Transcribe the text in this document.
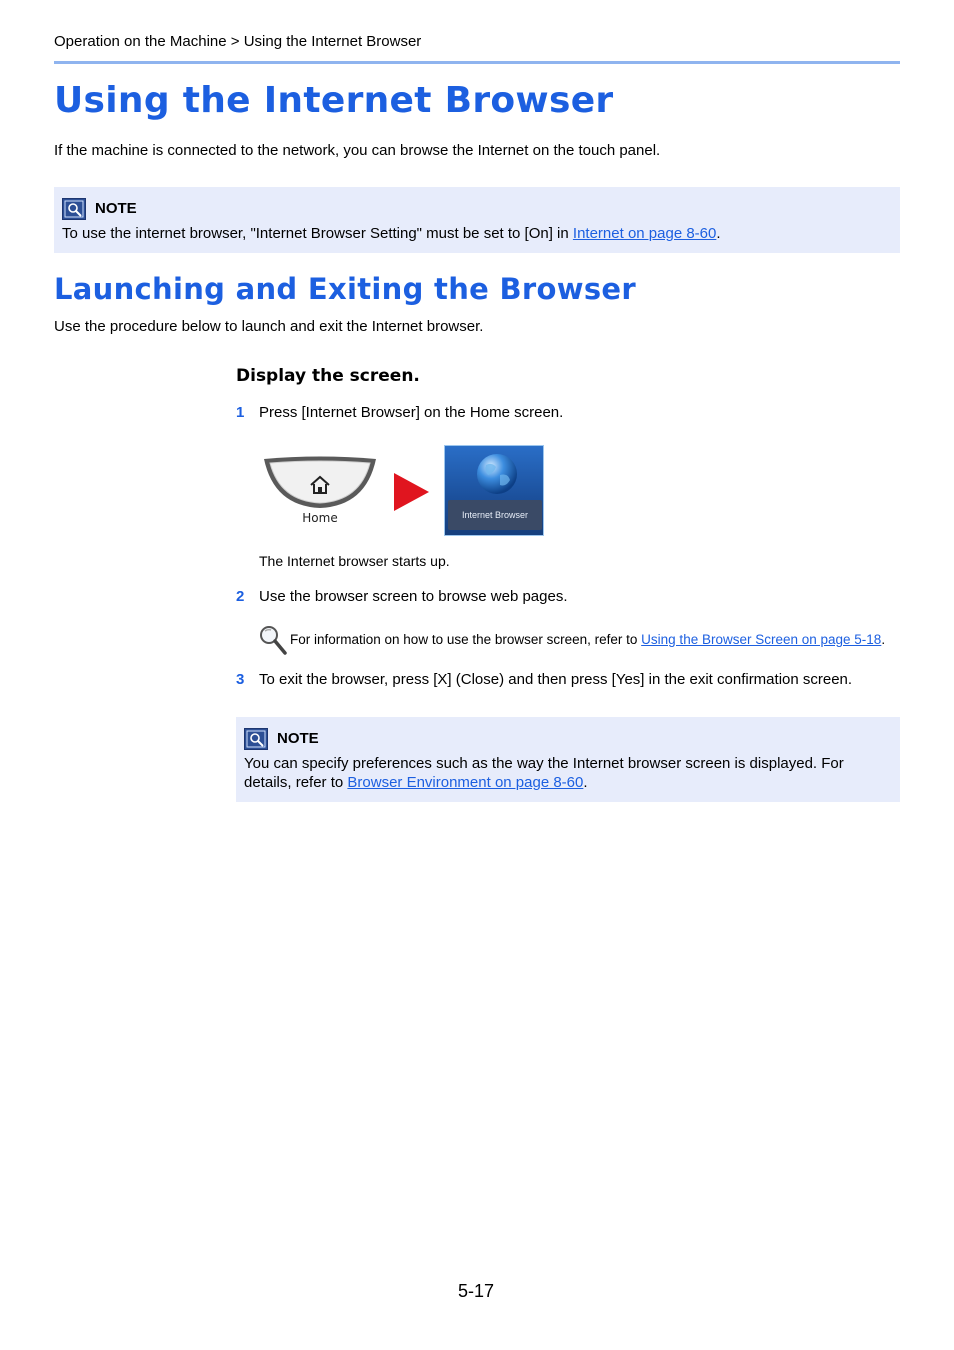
Operation on the Machine > Using the Internet Browser
Using the Internet Browser
If the machine is connected to the network, you can browse the Internet on the touch panel.
NOTE
To use the internet browser, "Internet Browser Setting" must be set to [On] in Internet on page 8-60.
Launching and Exiting the Browser
Use the procedure below to launch and exit the Internet browser.
Display the screen.
1 Press [Internet Browser] on the Home screen.
Home	Internet Browser
The Internet browser starts up.
2 Use the browser screen to browse web pages.
For information on how to use the browser screen, refer to Using the Browser Screen on page 5-18.
3 To exit the browser, press [X] (Close) and then press [Yes] in the exit confirmation screen.
NOTE
You can specify preferences such as the way the Internet browser screen is displayed. For
details, refer to Browser Environment on page 8-60.
5-17
